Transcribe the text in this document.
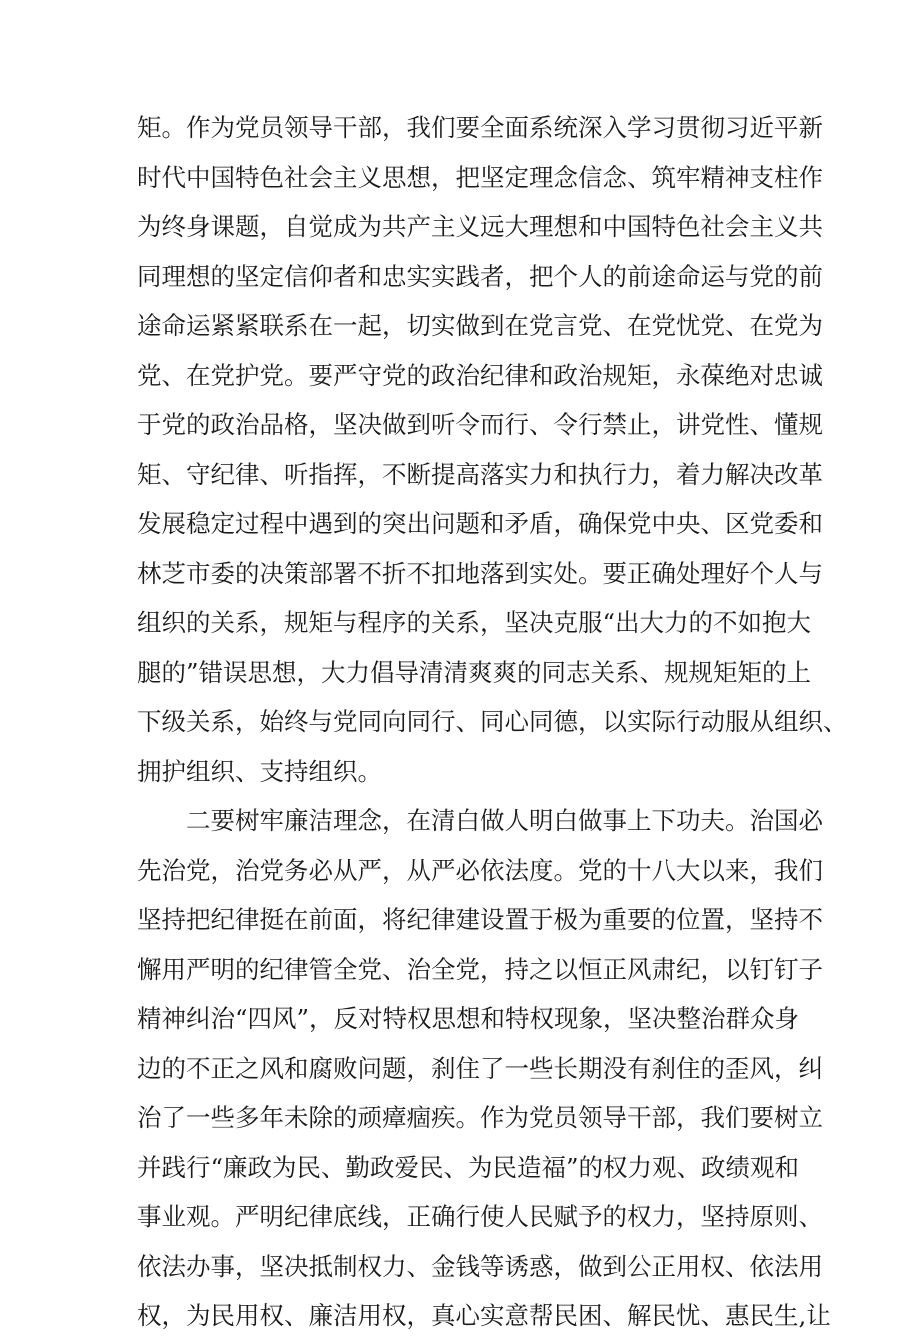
矩。作为党员领导干部，我们要全面系统深入学习贯彻习近平新
时代中国特色社会主义思想，把坚定理念信念、筑牢精神支柱作
为终身课题，自觉成为共产主义远大理想和中国特色社会主义共
同理想的坚定信仰者和忠实实践者，把个人的前途命运与党的前
途命运紧紧联系在一起，切实做到在党言党、在党忧党、在党为
党、在党护党。要严守党的政治纪律和政治规矩，永葆绝对忠诚
于党的政治品格，坚决做到听令而行、令行禁止，讲党性、懂规
矩、守纪律、听指挥，不断提高落实力和执行力，着力解决改革
发展稳定过程中遇到的突出问题和矛盾，确保党中央、区党委和
林芝市委的决策部署不折不扣地落到实处。要正确处理好个人与
组织的关系，规矩与程序的关系，坚决克服“出大力的不如抱大
腿的”错误思想，大力倡导清清爽爽的同志关系、规规矩矩的上
下级关系，始终与党同向同行、同心同德，以实际行动服从组织、
拥护组织、支持组织。
二要树牢廉洁理念，在清白做人明白做事上下功夫。治国必
先治党，治党务必从严，从严必依法度。党的十八大以来，我们
坚持把纪律挺在前面，将纪律建设置于极为重要的位置，坚持不
懈用严明的纪律管全党、治全党，持之以恒正风肃纪，以钉钉子
精神纠治“四风”，反对特权思想和特权现象，坚决整治群众身
边的不正之风和腐败问题，刹住了一些长期没有刹住的歪风，纠
治了一些多年未除的顽瘴痼疾。作为党员领导干部，我们要树立
并践行“廉政为民、勤政爱民、为民造福”的权力观、政绩观和
事业观。严明纪律底线，正确行使人民赋予的权力，坚持原则、
依法办事，坚决抵制权力、金钱等诱惑，做到公正用权、依法用
权，为民用权、廉洁用权，真心实意帮民困、解民忧、惠民生,让
